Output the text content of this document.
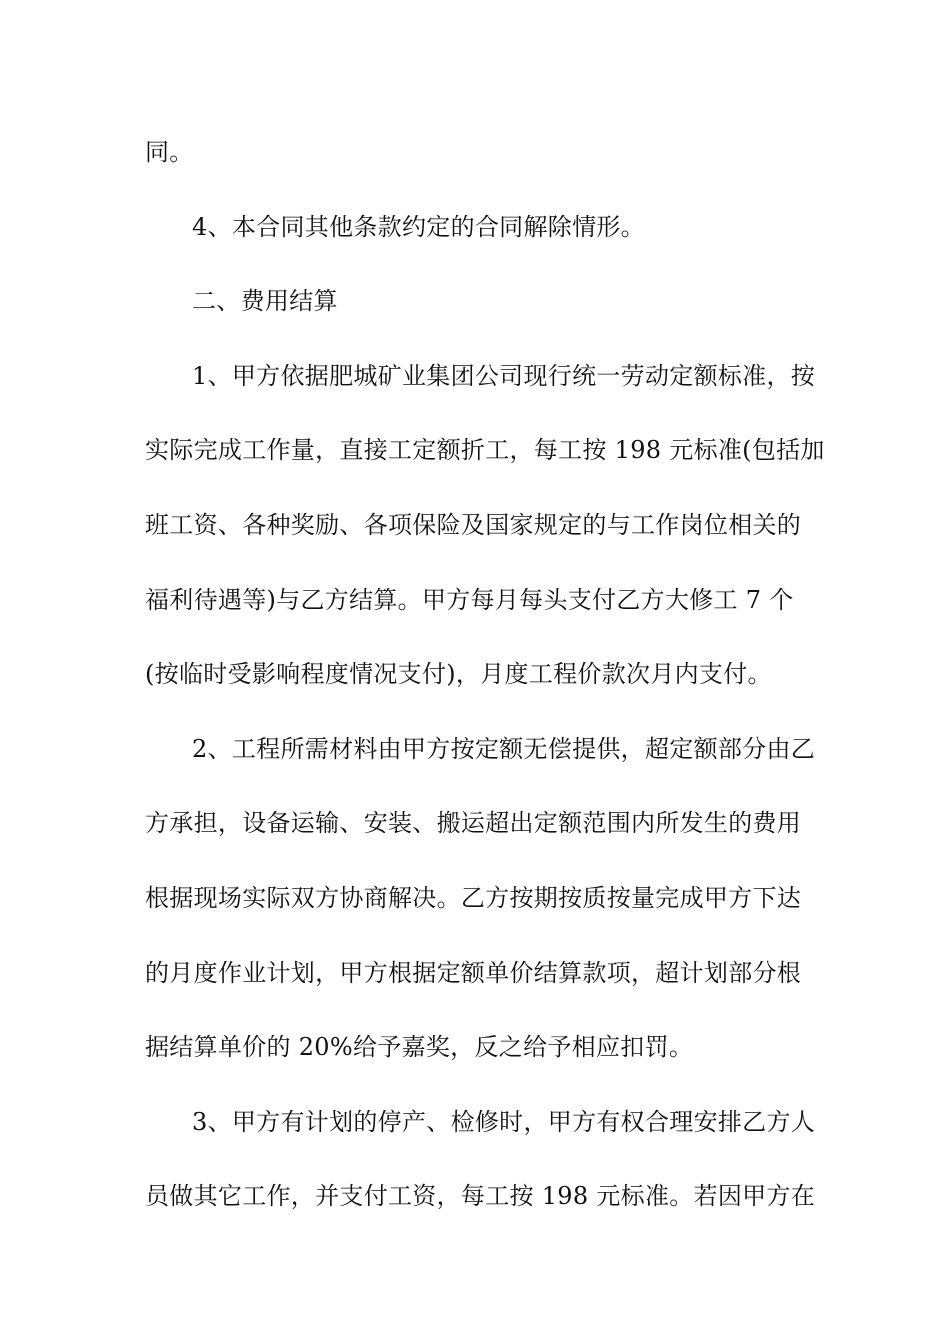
同。
4、本合同其他条款约定的合同解除情形。
二、费用结算
1、甲方依据肥城矿业集团公司现行统一劳动定额标准，按
实际完成工作量，直接工定额折工，每工按 198 元标准(包括加
班工资、各种奖励、各项保险及国家规定的与工作岗位相关的
福利待遇等)与乙方结算。甲方每月每头支付乙方大修工 7 个
(按临时受影响程度情况支付)，月度工程价款次月内支付。
2、工程所需材料由甲方按定额无偿提供，超定额部分由乙
方承担，设备运输、安装、搬运超出定额范围内所发生的费用
根据现场实际双方协商解决。乙方按期按质按量完成甲方下达
的月度作业计划，甲方根据定额单价结算款项，超计划部分根
据结算单价的 20%给予嘉奖，反之给予相应扣罚。
3、甲方有计划的停产、检修时，甲方有权合理安排乙方人
员做其它工作，并支付工资，每工按 198 元标准。若因甲方在
